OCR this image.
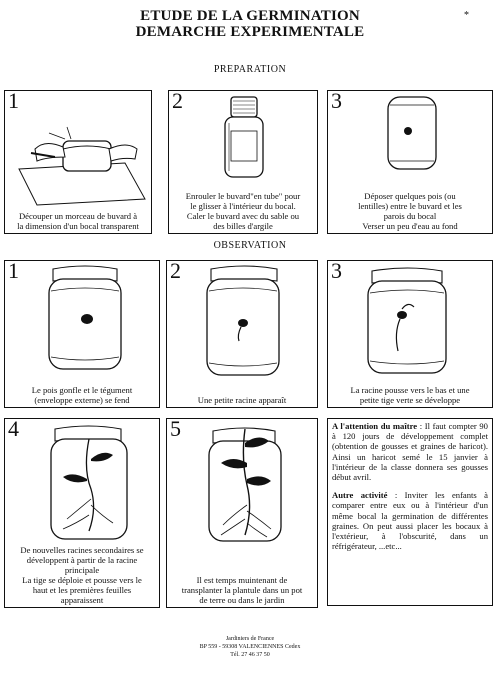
ETUDE DE LA GERMINATION
DEMARCHE EXPERIMENTALE
*
PREPARATION
1
Découper un morceau de buvard à
la dimension d'un bocal transparent
2
Enrouler le buvard"en tube" pour
le glisser à l'intérieur du bocal.
Caler le buvard avec du sable ou
des billes d'argile
3
Déposer quelques pois (ou
lentilles) entre le buvard et les
parois du bocal
Verser un peu d'eau au fond
OBSERVATION
1
Le pois gonfle et le tégument
(enveloppe externe) se fend
2
Une petite racine apparaît
3
La racine pousse vers le bas et une
petite tige verte se développe
4
De nouvelles racines secondaires se
développent à partir de la racine
principale
La tige se déploie et pousse vers le
haut et les premières feuilles
apparaissent
5
Il est temps muintenant de
transplanter la plantule dans un pot
de terre ou dans le jardin

A l'attention du maître : Il faut compter 90 à 120 jours de développement complet (obtention de gousses et graines de haricot). Ainsi un haricot semé le 15 janvier à l'intérieur de la classe donnera ses gousses début avril.

Autre activité : Inviter les enfants à comparer entre eux ou à l'intérieur d'un même bocal la germination de différentes graines. On peut aussi placer les bocaux à l'extérieur, à l'obscurité, dans un réfrigérateur, ...etc...

Jardiniers de France
BP 559 - 59308 VALENCIENNES Cedex
Tél. 27 46 37 50
